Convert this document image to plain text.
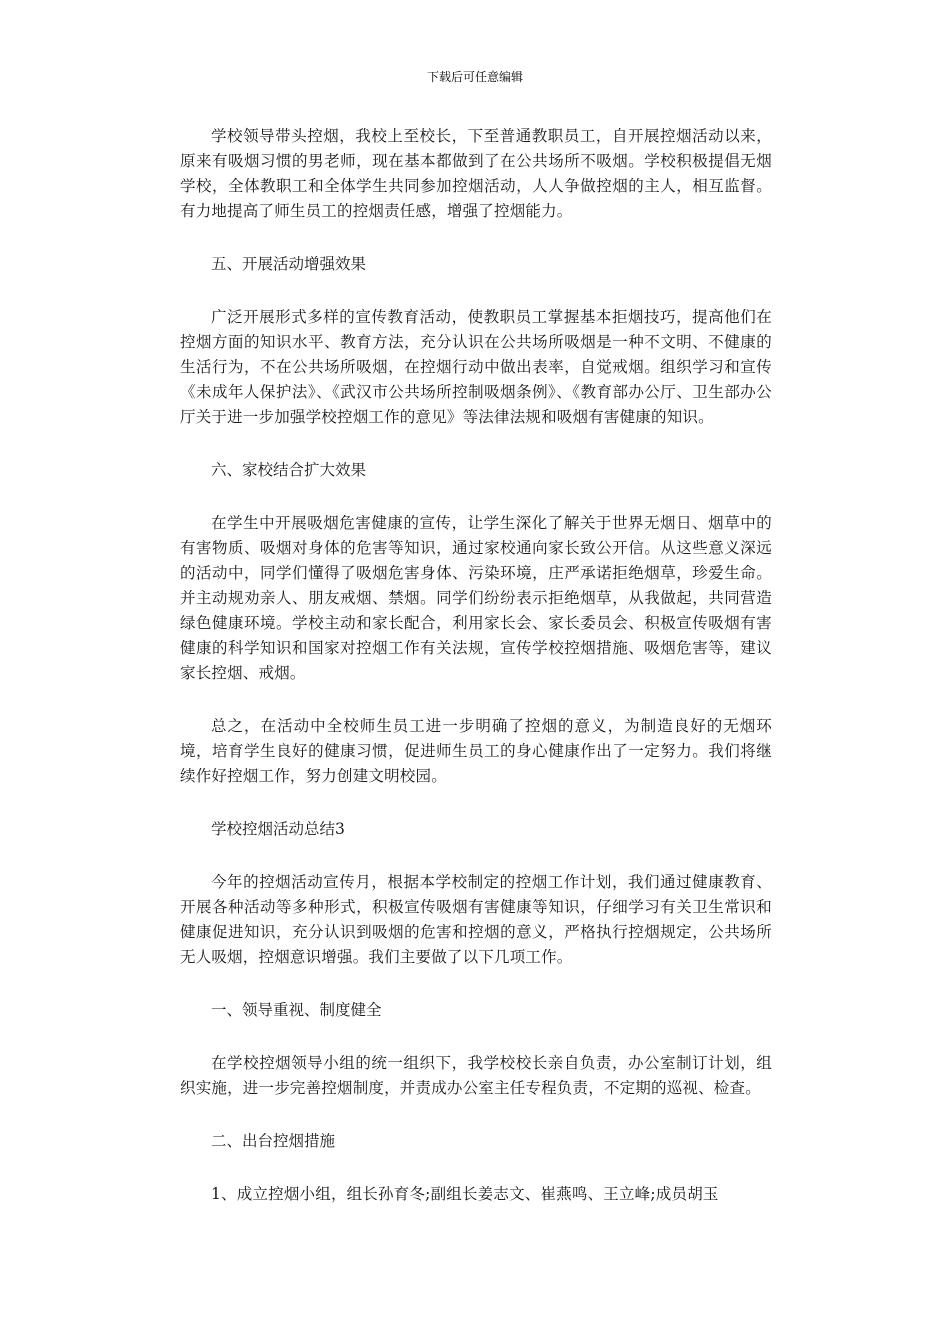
下载后可任意编辑

学校领导带头控烟，我校上至校长，下至普通教职员工，自开展控烟活动以来，原来有吸烟习惯的男老师，现在基本都做到了在公共场所不吸烟。学校积极提倡无烟学校，全体教职工和全体学生共同参加控烟活动，人人争做控烟的主人，相互监督。有力地提高了师生员工的控烟责任感，增强了控烟能力。

五、开展活动增强效果

广泛开展形式多样的宣传教育活动，使教职员工掌握基本拒烟技巧，提高他们在控烟方面的知识水平、教育方法，充分认识在公共场所吸烟是一种不文明、不健康的生活行为，不在公共场所吸烟，在控烟行动中做出表率，自觉戒烟。组织学习和宣传《未成年人保护法》、《武汉市公共场所控制吸烟条例》、《教育部办公厅、卫生部办公厅关于进一步加强学校控烟工作的意见》等法律法规和吸烟有害健康的知识。

六、家校结合扩大效果

在学生中开展吸烟危害健康的宣传，让学生深化了解关于世界无烟日、烟草中的有害物质、吸烟对身体的危害等知识，通过家校通向家长致公开信。从这些意义深远的活动中，同学们懂得了吸烟危害身体、污染环境，庄严承诺拒绝烟草，珍爱生命。并主动规劝亲人、朋友戒烟、禁烟。同学们纷纷表示拒绝烟草，从我做起，共同营造绿色健康环境。学校主动和家长配合，利用家长会、家长委员会、积极宣传吸烟有害健康的科学知识和国家对控烟工作有关法规，宣传学校控烟措施、吸烟危害等，建议家长控烟、戒烟。

总之，在活动中全校师生员工进一步明确了控烟的意义，为制造良好的无烟环境，培育学生良好的健康习惯，促进师生员工的身心健康作出了一定努力。我们将继续作好控烟工作，努力创建文明校园。

学校控烟活动总结3

今年的控烟活动宣传月，根据本学校制定的控烟工作计划，我们通过健康教育、开展各种活动等多种形式，积极宣传吸烟有害健康等知识，仔细学习有关卫生常识和健康促进知识，充分认识到吸烟的危害和控烟的意义，严格执行控烟规定，公共场所无人吸烟，控烟意识增强。我们主要做了以下几项工作。

一、领导重视、制度健全

在学校控烟领导小组的统一组织下，我学校校长亲自负责，办公室制订计划，组织实施，进一步完善控烟制度，并责成办公室主任专程负责，不定期的巡视、检查。

二、出台控烟措施

1、成立控烟小组，组长孙育冬;副组长姜志文、崔燕鸣、王立峰;成员胡玉
